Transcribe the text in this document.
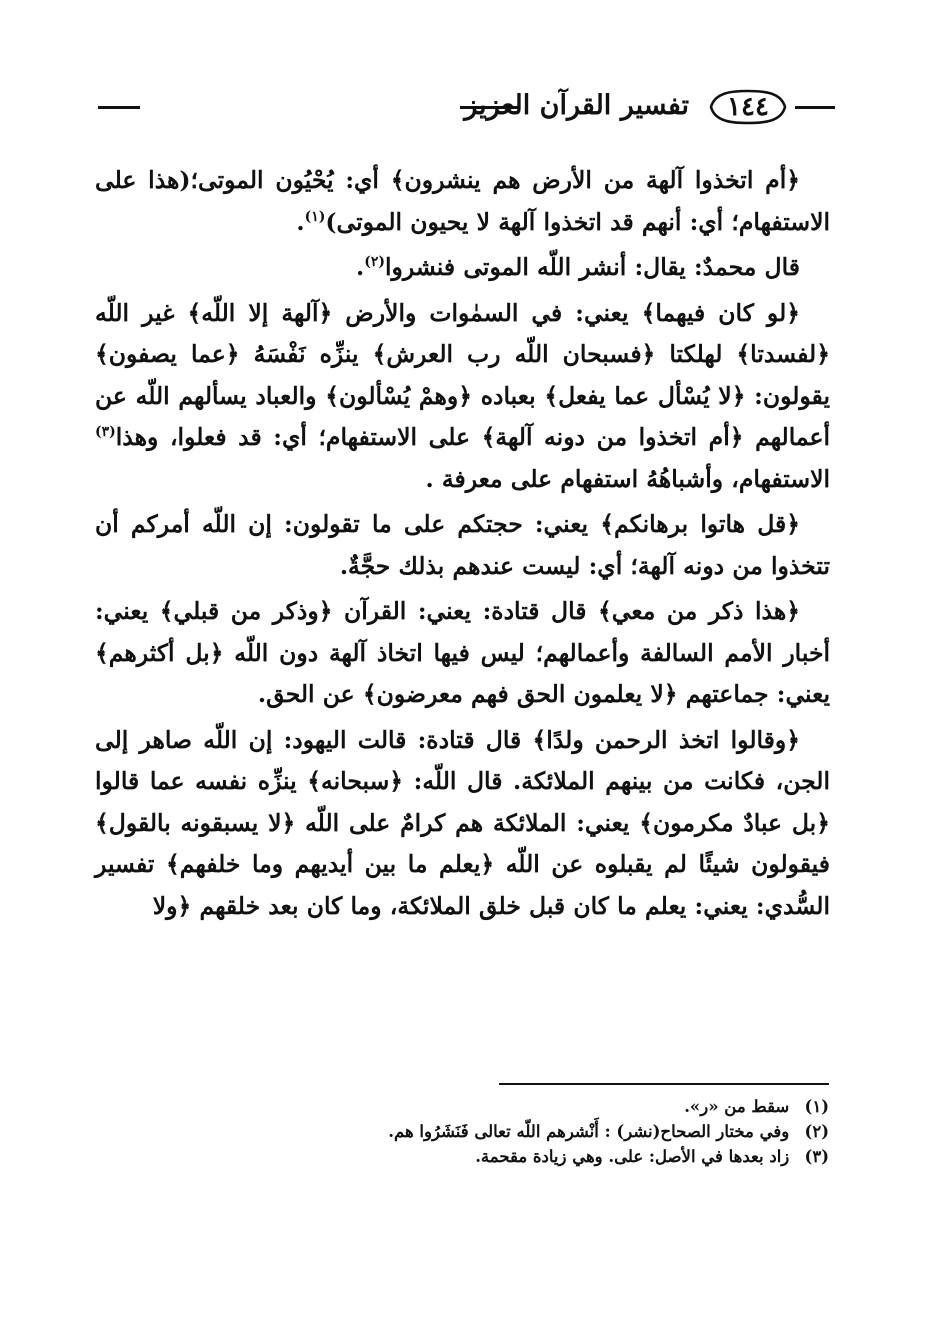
١٤٤
تفسير القرآن العزيز

﴿أم اتخذوا آلهة من الأرض هم ينشرون﴾ أي: يُحْيُون الموتى؛(هذا على الاستفهام؛ أي: أنهم قد اتخذوا آلهة لا يحيون الموتى)$^{(١)}$.

قال محمدٌ: يقال: أنشر اللّه الموتى فنشروا$^{(٢)}$.

﴿لو كان فيهما﴾ يعني: في السمٰوات والأرض ﴿آلهة إلا اللّه﴾ غير اللّه ﴿لفسدتا﴾ لهلكتا ﴿فسبحان اللّه رب العرش﴾ ينزِّه نَفْسَهُ ﴿عما يصفون﴾ يقولون: ﴿لا يُسْأل عما يفعل﴾ بعباده ﴿وهمْ يُسْألون﴾ والعباد يسألهم اللّه عن أعمالهم ﴿أم اتخذوا من دونه آلهة﴾ على الاستفهام؛ أي: قد فعلوا، وهذا$^{(٣)}$ الاستفهام، وأشباهُهُ استفهام على معرفة .

﴿قل هاتوا برهانكم﴾ يعني: حجتكم على ما تقولون: إن اللّه أمركم أن تتخذوا من دونه آلهة؛ أي: ليست عندهم بذلك حجَّةٌ.

﴿هذا ذكر من معي﴾ قال قتادة: يعني: القرآن ﴿وذكر من قبلي﴾ يعني: أخبار الأمم السالفة وأعمالهم؛ ليس فيها اتخاذ آلهة دون اللّه ﴿بل أكثرهم﴾ يعني: جماعتهم ﴿لا يعلمون الحق فهم معرضون﴾ عن الحق.

﴿وقالوا اتخذ الرحمن ولدًا﴾ قال قتادة: قالت اليهود: إن اللّه صاهر إلى الجن، فكانت من بينهم الملائكة. قال اللّه: ﴿سبحانه﴾ ينزِّه نفسه عما قالوا ﴿بل عبادٌ مكرمون﴾ يعني: الملائكة هم كرامٌ على اللّه ﴿لا يسبقونه بالقول﴾ فيقولون شيئًا لم يقبلوه عن اللّه ﴿يعلم ما بين أيديهم وما خلفهم﴾ تفسير السُّدي: يعني: يعلم ما كان قبل خلق الملائكة، وما كان بعد خلقهم ﴿ولا

(١) سقط من «ر».
(٢) وفي مختار الصحاح(نشر) : أَنْشرهم اللّه تعالى فَنَشَرُوا هم.
(٣) زاد بعدها في الأصل: على. وهي زيادة مقحمة.
